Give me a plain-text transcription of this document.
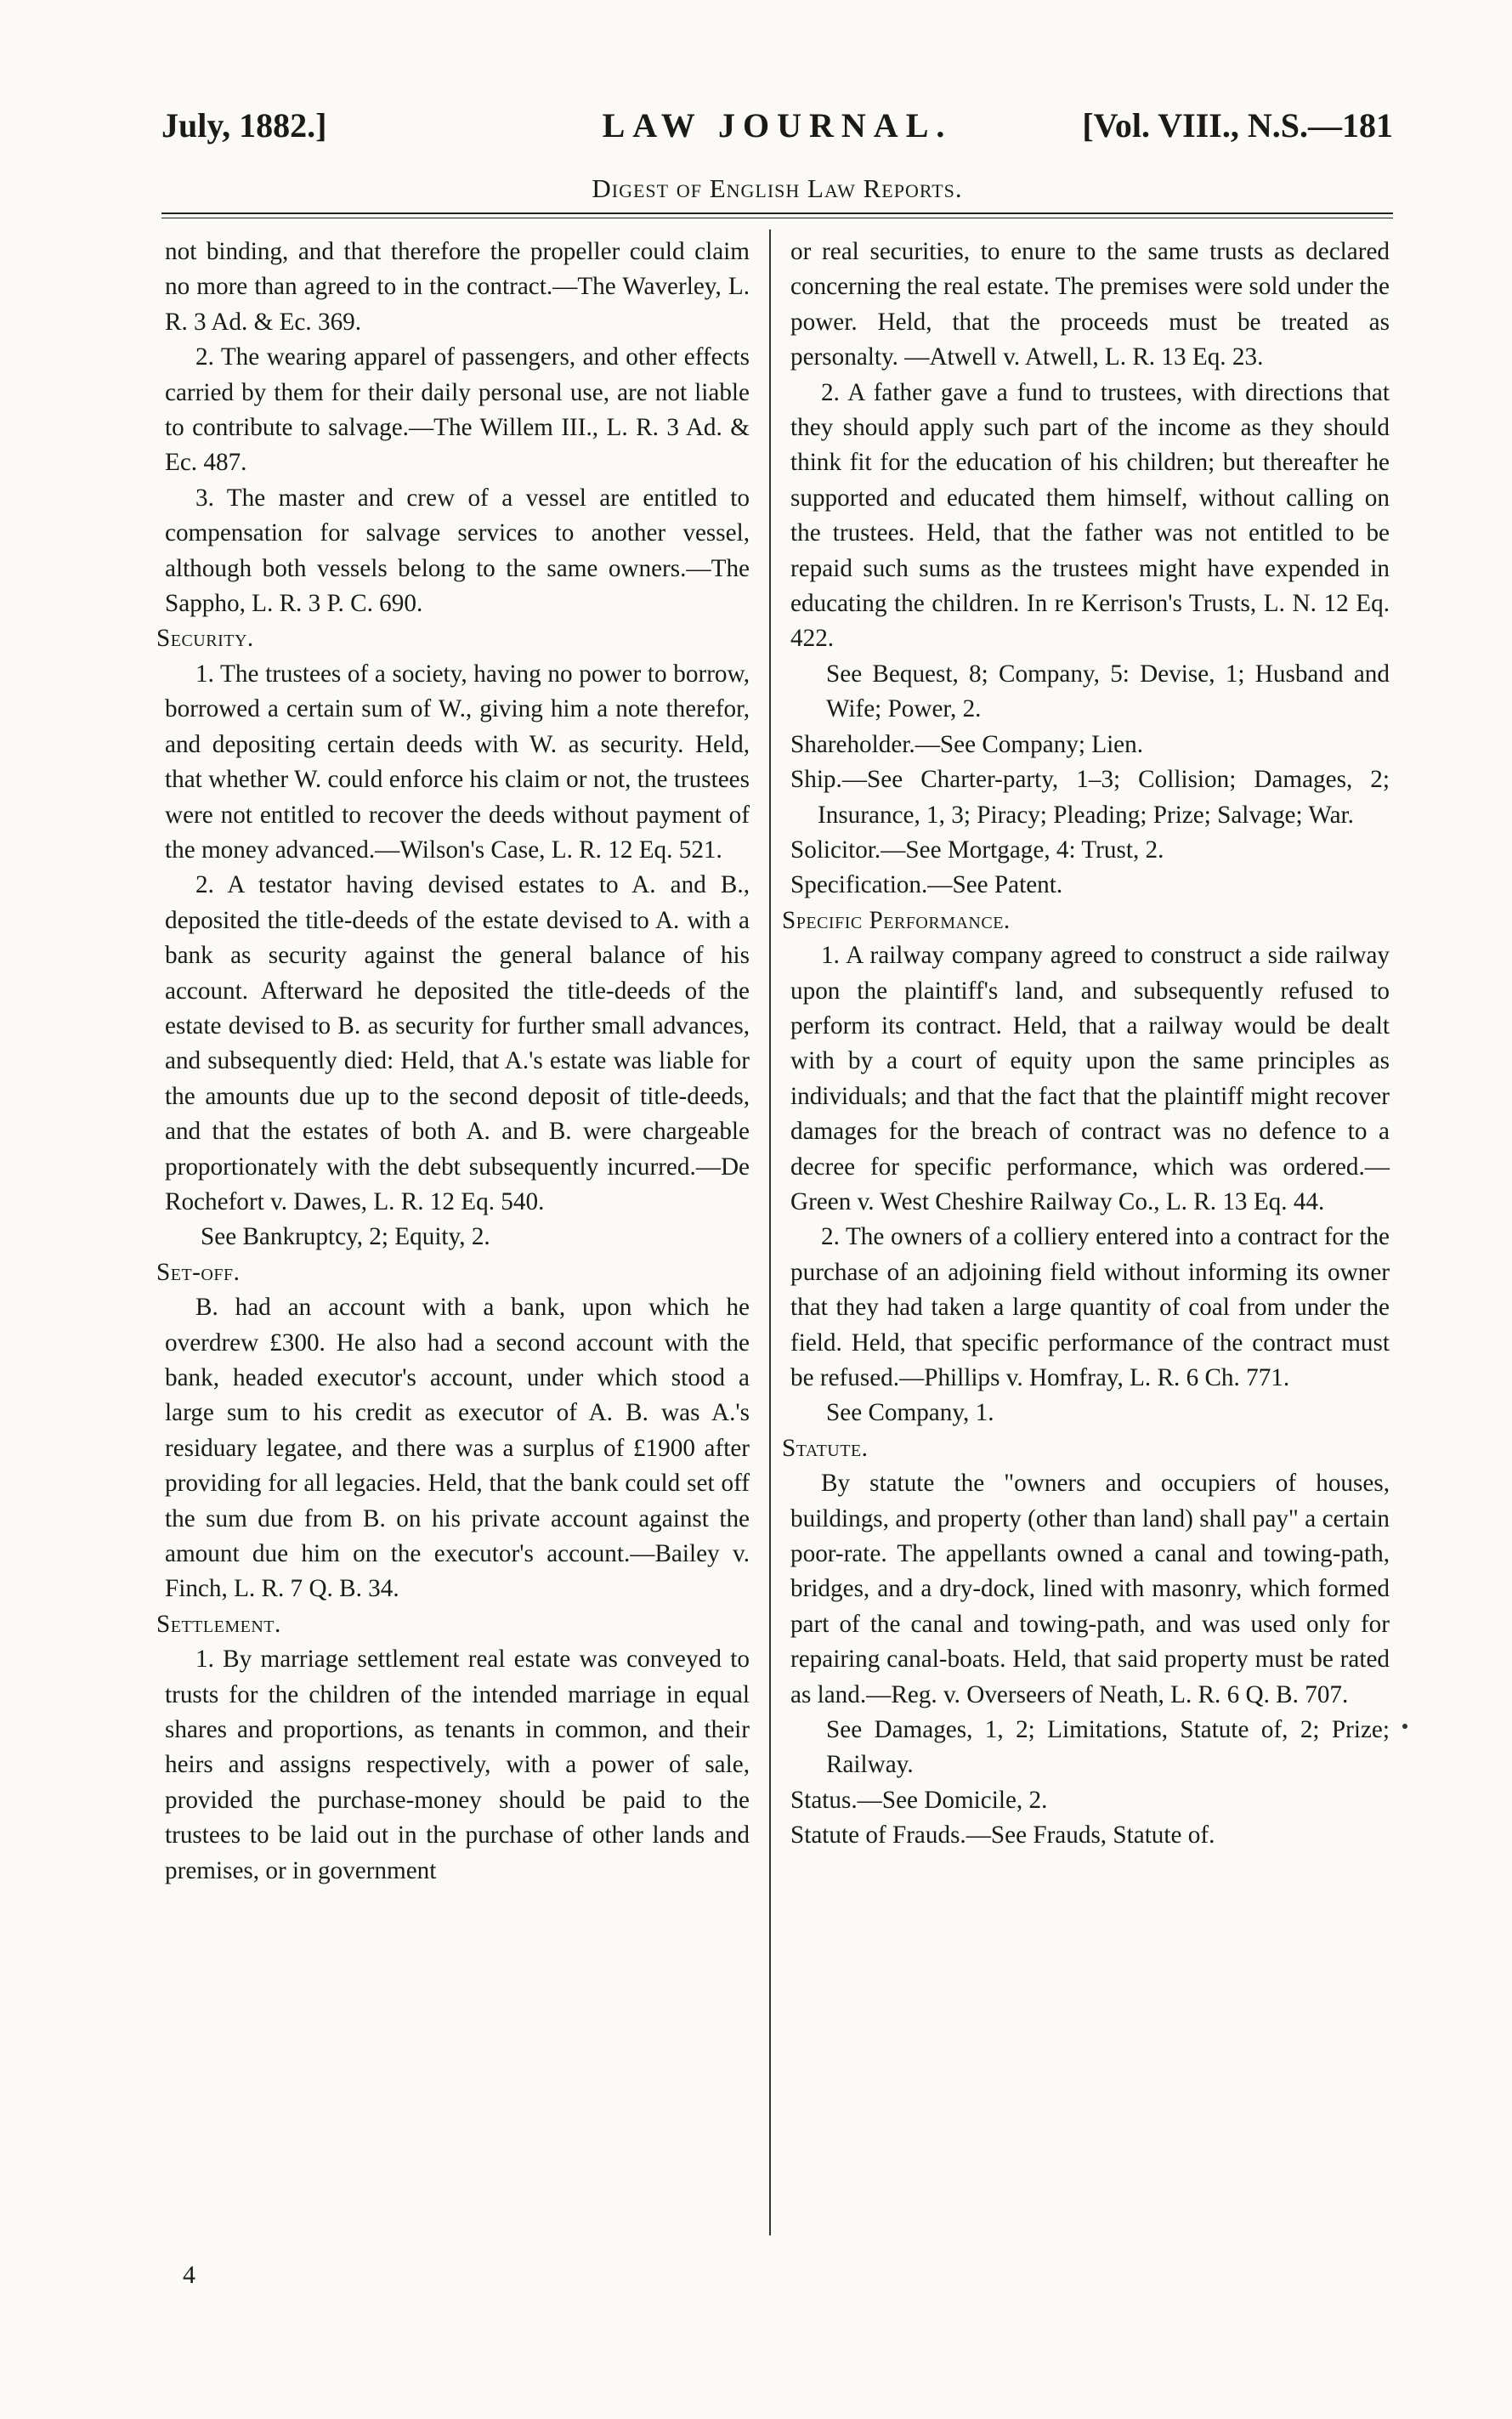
July, 1882.]	LAW JOURNAL.	[Vol. VIII., N.S.—181
Digest of English Law Reports.

not binding, and that therefore the propeller could claim no more than agreed to in the contract.—The Waverley, L. R. 3 Ad. & Ec. 369.

2. The wearing apparel of passengers, and other effects carried by them for their daily personal use, are not liable to contribute to salvage.—The Willem III., L. R. 3 Ad. & Ec. 487.

3. The master and crew of a vessel are entitled to compensation for salvage services to another vessel, although both vessels belong to the same owners.—The Sappho, L. R. 3 P. C. 690.

Security.

1. The trustees of a society, having no power to borrow, borrowed a certain sum of W., giving him a note therefor, and depositing certain deeds with W. as security. Held, that whether W. could enforce his claim or not, the trustees were not entitled to recover the deeds without payment of the money advanced.—Wilson's Case, L. R. 12 Eq. 521.

2. A testator having devised estates to A. and B., deposited the title-deeds of the estate devised to A. with a bank as security against the general balance of his account. Afterward he deposited the title-deeds of the estate devised to B. as security for further small advances, and subsequently died: Held, that A.'s estate was liable for the amounts due up to the second deposit of title-deeds, and that the estates of both A. and B. were chargeable proportionately with the debt subsequently incurred.—De Rochefort v. Dawes, L. R. 12 Eq. 540.

See Bankruptcy, 2; Equity, 2.

Set-off.

B. had an account with a bank, upon which he overdrew £300. He also had a second account with the bank, headed executor's account, under which stood a large sum to his credit as executor of A. B. was A.'s residuary legatee, and there was a surplus of £1900 after providing for all legacies. Held, that the bank could set off the sum due from B. on his private account against the amount due him on the executor's account.—Bailey v. Finch, L. R. 7 Q. B. 34.

Settlement.

1. By marriage settlement real estate was conveyed to trusts for the children of the intended marriage in equal shares and proportions, as tenants in common, and their heirs and assigns respectively, with a power of sale, provided the purchase-money should be paid to the trustees to be laid out in the purchase of other lands and premises, or in government

or real securities, to enure to the same trusts as declared concerning the real estate. The premises were sold under the power. Held, that the proceeds must be treated as personalty. —Atwell v. Atwell, L. R. 13 Eq. 23.

2. A father gave a fund to trustees, with directions that they should apply such part of the income as they should think fit for the education of his children; but thereafter he supported and educated them himself, without calling on the trustees. Held, that the father was not entitled to be repaid such sums as the trustees might have expended in educating the children. In re Kerrison's Trusts, L. N. 12 Eq. 422.

See Bequest, 8; Company, 5: Devise, 1; Husband and Wife; Power, 2.

Shareholder.—See Company; Lien.

Ship.—See Charter-party, 1–3; Collision; Damages, 2; Insurance, 1, 3; Piracy; Pleading; Prize; Salvage; War.

Solicitor.—See Mortgage, 4: Trust, 2.

Specification.—See Patent.

Specific Performance.

1. A railway company agreed to construct a side railway upon the plaintiff's land, and subsequently refused to perform its contract. Held, that a railway would be dealt with by a court of equity upon the same principles as individuals; and that the fact that the plaintiff might recover damages for the breach of contract was no defence to a decree for specific performance, which was ordered.—Green v. West Cheshire Railway Co., L. R. 13 Eq. 44.

2. The owners of a colliery entered into a contract for the purchase of an adjoining field without informing its owner that they had taken a large quantity of coal from under the field. Held, that specific performance of the contract must be refused.—Phillips v. Homfray, L. R. 6 Ch. 771.

See Company, 1.

Statute.

By statute the "owners and occupiers of houses, buildings, and property (other than land) shall pay" a certain poor-rate. The appellants owned a canal and towing-path, bridges, and a dry-dock, lined with masonry, which formed part of the canal and towing-path, and was used only for repairing canal-boats. Held, that said property must be rated as land.—Reg. v. Overseers of Neath, L. R. 6 Q. B. 707.

See Damages, 1, 2; Limitations, Statute of, 2; Prize; Railway.

Status.—See Domicile, 2.

Statute of Frauds.—See Frauds, Statute of.

4
